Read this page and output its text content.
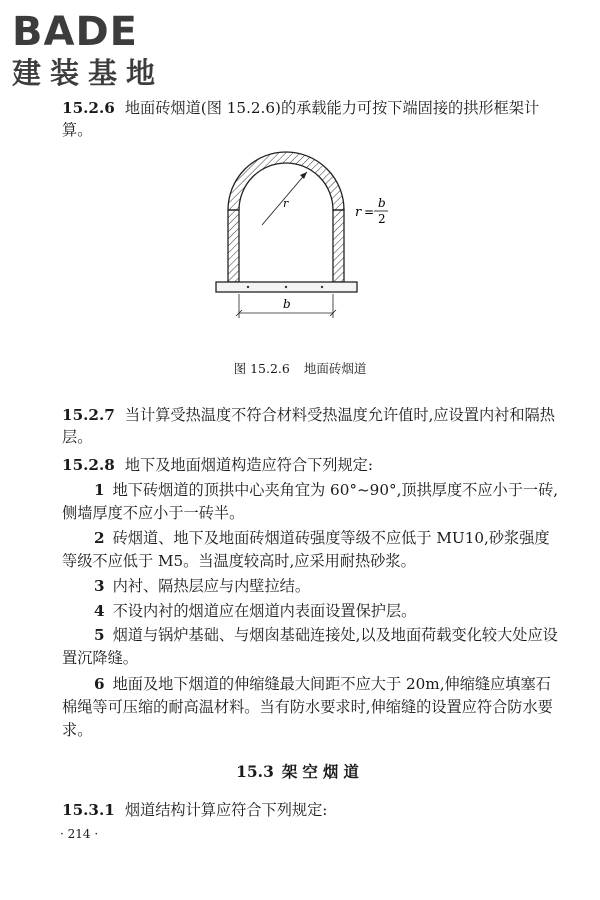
BADE
建装基地
15.2.6 地面砖烟道(图 15.2.6)的承载能力可按下端固接的拱形框架计算。
r
r =
b
2
b
图 15.2.6 地面砖烟道
15.2.7 当计算受热温度不符合材料受热温度允许值时,应设置内衬和隔热层。
15.2.8 地下及地面烟道构造应符合下列规定:
1 地下砖烟道的顶拱中心夹角宜为 60°~90°,顶拱厚度不应小于一砖,侧墙厚度不应小于一砖半。
2 砖烟道、地下及地面砖烟道砖强度等级不应低于 MU10,砂浆强度等级不应低于 M5。当温度较高时,应采用耐热砂浆。
3 内衬、隔热层应与内壁拉结。
4 不设内衬的烟道应在烟道内表面设置保护层。
5 烟道与锅炉基础、与烟囱基础连接处,以及地面荷载变化较大处应设置沉降缝。
6 地面及地下烟道的伸缩缝最大间距不应大于 20m,伸缩缝应填塞石棉绳等可压缩的耐高温材料。当有防水要求时,伸缩缝的设置应符合防水要求。
15.3 架空烟道
15.3.1 烟道结构计算应符合下列规定:
· 214 ·
